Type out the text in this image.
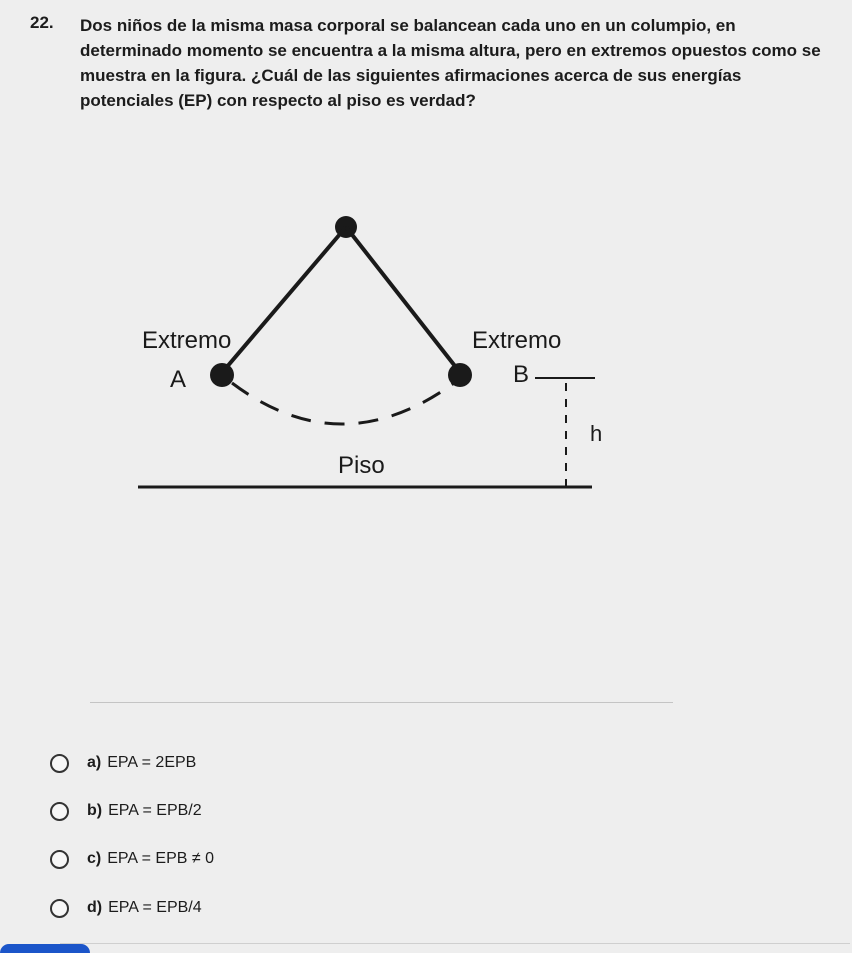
22. Dos niños de la misma masa corporal se balancean cada uno en un columpio, en determinado momento se encuentra a la misma altura, pero en extremos opuestos como se muestra en la figura. ¿Cuál de las siguientes afirmaciones acerca de sus energías potenciales (EP) con respecto al piso es verdad?
Extremo
A
Extremo
B
h
Piso
a) EPA = 2EPB
b) EPA = EPB/2
c) EPA = EPB ≠ 0
d) EPA = EPB/4
